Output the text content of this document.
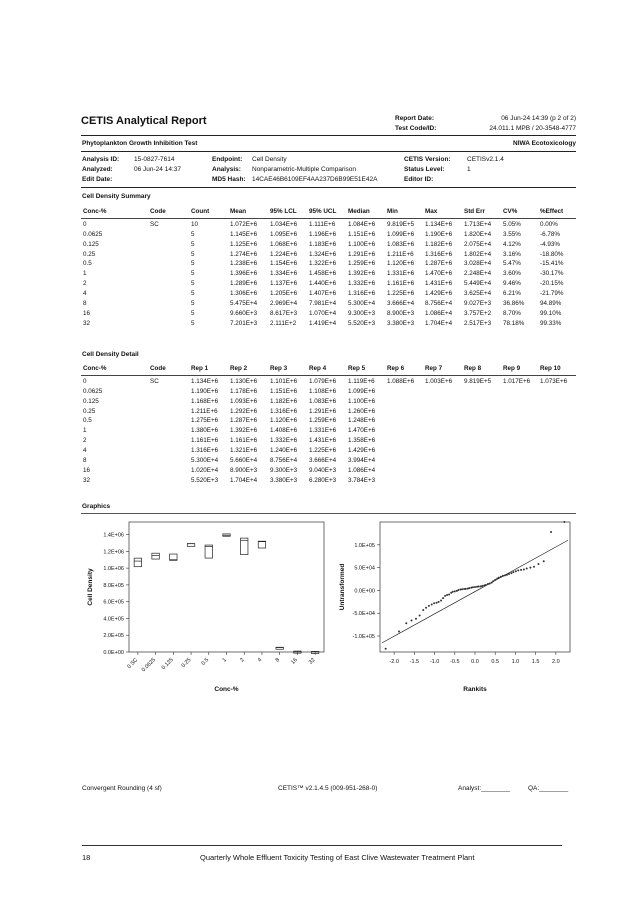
CETIS Analytical Report	Report Date:	06 Jun-24 14:39 (p 2 of 2)
Test Code/ID:	24.011.1 MPB / 20-3548-4777
Phytoplankton Growth Inhibition Test	NIWA Ecotoxicology
Analysis ID: 15-0827-7614
Analyzed:	06 Jun-24 14:37
Edit Date:
Endpoint: Cell Density
Analysis: Nonparametric-Multiple Comparison
MD5 Hash: 14CAE46B6109EF4AA237D6B99E51E42A
CETIS Version:	CETISv2.1.4
Status Level:	1
Editor ID:
Cell Density Summary
Conc-%	Code	Count	Mean	95% LCL 95% UCL Median	Min	Max	Std Err	CV%	%Effect
0	SC	10	1.072E+6 1.034E+6 1.111E+6 1.084E+6 9.819E+5 1.134E+6 1.713E+4 5.05%	0.00%
0.0625	5	1.145E+6 1.095E+6 1.196E+6 1.151E+6 1.099E+6 1.190E+6 1.820E+4 3.55%	-6.78%
0.125	5	1.125E+6 1.068E+6 1.183E+6 1.100E+6 1.083E+6 1.182E+6 2.075E+4 4.12%	-4.93%
0.25	5	1.274E+6 1.224E+6 1.324E+6 1.291E+6 1.211E+6 1.316E+6 1.802E+4 3.16%	-18.80%
0.5	5	1.238E+6 1.154E+6 1.322E+6 1.259E+6 1.120E+6 1.287E+6 3.028E+4 5.47%	-15.41%
1	5	1.396E+6 1.334E+6 1.458E+6 1.392E+6 1.331E+6 1.470E+6 2.248E+4 3.60%	-30.17%
2	5	1.289E+6 1.137E+6 1.440E+6 1.332E+6 1.161E+6 1.431E+6 5.449E+4 9.46%	-20.15%
4	5	1.306E+6 1.205E+6 1.407E+6 1.316E+6 1.225E+6 1.429E+6 3.625E+4 6.21%	-21.79%
8	5	5.475E+4 2.969E+4 7.981E+4 5.300E+4 3.666E+4 8.756E+4 9.027E+3 36.86% 94.89%
16	5	9.660E+3 8.617E+3 1.070E+4 9.300E+3 8.900E+3 1.086E+4 3.757E+2 8.70%	99.10%
32	5	7.201E+3 2.111E+2 1.419E+4 5.520E+3 3.380E+3 1.704E+4 2.517E+3 78.18% 99.33%
Cell Density Detail
Conc-%	Code	Rep 1	Rep 2	Rep 3	Rep 4	Rep 5	Rep 6	Rep 7	Rep 8	Rep 9	Rep 10
0	SC	1.134E+6 1.130E+6 1.101E+6 1.079E+6 1.119E+6 1.088E+6 1.003E+6 9.819E+5 1.017E+6 1.073E+6
0.0625	1.190E+6 1.178E+6 1.151E+6 1.108E+6 1.099E+6
0.125	1.168E+6 1.093E+6 1.182E+6 1.083E+6 1.100E+6
0.25	1.211E+6 1.292E+6 1.316E+6 1.291E+6 1.260E+6
0.5	1.275E+6 1.287E+6 1.120E+6 1.259E+6 1.248E+6
1	1.380E+6 1.392E+6 1.408E+6 1.331E+6 1.470E+6
2	1.161E+6 1.161E+6 1.332E+6 1.431E+6 1.358E+6
4	1.316E+6 1.321E+6 1.240E+6 1.225E+6 1.429E+6
8	5.300E+4 5.660E+4 8.756E+4 3.666E+4 3.994E+4
16	1.020E+4 8.900E+3 9.300E+3 9.040E+3 1.086E+4
32	5.520E+3 1.704E+4 3.380E+3 6.280E+3 3.784E+3
Graphics
0.0E+00
2.0E+05
4.0E+05
6.0E+05
8.0E+05
1.0E+06
1.2E+06
1.4E+06
0 SC 0.0625 0.125 0.25 0.5 1 2 4 8 16 32
Cell Density
Conc-%
-1.0E+05
-5.0E+04
0.0E+00
5.0E+04
1.0E+05
-2.0 -1.5 -1.0 -0.5 0.0 0.5 1.0 1.5 2.0
Untransformed
Rankits
Convergent Rounding (4 sf)	CETIS™ v2.1.4.5 (009-951-268-0)	Analyst:________	QA:________
18	Quarterly Whole Effluent Toxicity Testing of East Clive Wastewater Treatment Plant
